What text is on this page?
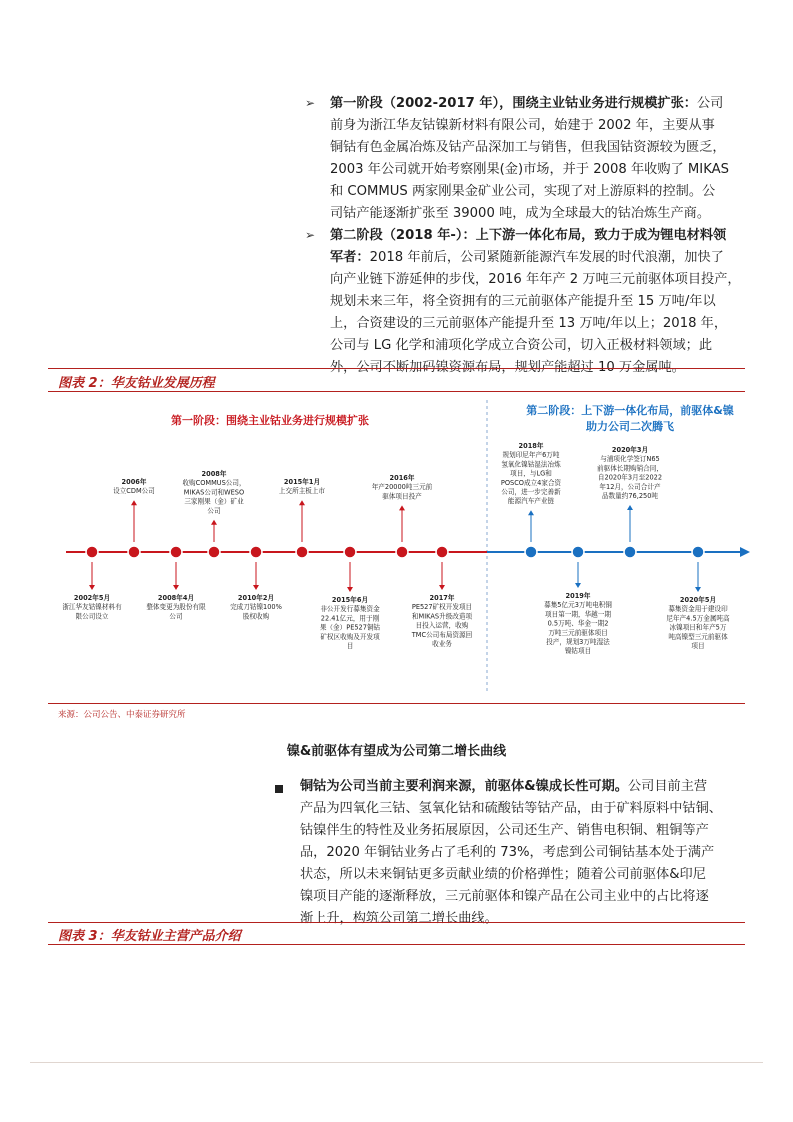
➢ 第一阶段（2002-2017 年），围绕主业钴业务进行规模扩张：公司
前身为浙江华友钴镍新材料有限公司，始建于 2002 年，主要从事
铜钴有色金属冶炼及钴产品深加工与销售，但我国钴资源较为匮乏，
2003 年公司就开始考察刚果(金)市场，并于 2008 年收购了 MIKAS
和 COMMUS 两家刚果金矿业公司，实现了对上游原料的控制。公
司钴产能逐渐扩张至 39000 吨，成为全球最大的钴冶炼生产商。
➢ 第二阶段（2018 年-）：上下游一体化布局，致力于成为锂电材料领
军者：2018 年前后，公司紧随新能源汽车发展的时代浪潮，加快了
向产业链下游延伸的步伐，2016 年年产 2 万吨三元前驱体项目投产，
规划未来三年，将全资拥有的三元前驱体产能提升至 15 万吨/年以
上，合资建设的三元前驱体产能提升至 13 万吨/年以上；2018 年，
公司与 LG 化学和浦项化学成立合资公司，切入正极材料领域；此
外，公司不断加码镍资源布局，规划产能超过 10 万金属吨。
图表 2：华友钴业发展历程
第一阶段：围绕主业钴业务进行规模扩张
第二阶段：上下游一体化布局，前驱体&镍
助力公司二次腾飞
2006年设立CDM公司
2008年收购COMMUS公司， MIKAS公司和WESO 三家刚果（金）矿业公司
2015年1月上交所主板上市
2016年年产20000吨三元前驱体项目投产
2018年规划印尼年产6万吨氢氧化镍钴湿法冶炼项目，与LG和 POSCO成立4家合资公司，进一步完善新能源汽车产业链
2020年3月与浦项化学签订N65 前驱体长期购销合同，自2020年3月至2022 年12月，公司合计产品数量约76,250吨
2002年5月浙江华友钴镍材料有限公司设立
2008年4月整体变更为股份有限公司
2010年2月完成刀钴镍100%股权收购
2015年6月非公开发行募集资金 22.41亿元，用于刚果（金）PE527铜钴矿权区收购及开发项目
2017年 PE527矿权开发项目和MIKAS升级改造项目投入运营，收购 TMC公司布局资源回收业务
2019年募集5亿元3万吨电积铜项目第一期，华越一期 0.5万吨、华金一期2 万吨三元前驱体项目投产，规划3万吨湿法镍钴项目
2020年5月募集资金用于建设印尼年产4.5万金属吨高冰镍项目和年产5万吨高镍型三元前驱体项目
来源：公司公告、中泰证券研究所
镍&前驱体有望成为公司第二增长曲线
铜钴为公司当前主要利润来源，前驱体&镍成长性可期。公司目前主营
产品为四氧化三钴、氢氧化钴和硫酸钴等钴产品，由于矿料原料中钴铜、
钴镍伴生的特性及业务拓展原因，公司还生产、销售电积铜、粗铜等产
品，2020 年铜钴业务占了毛利的 73%，考虑到公司铜钴基本处于满产
状态，所以未来铜钴更多贡献业绩的价格弹性；随着公司前驱体&印尼
镍项目产能的逐渐释放，三元前驱体和镍产品在公司主业中的占比将逐
渐上升，构筑公司第二增长曲线。
图表 3：华友钴业主营产品介绍
